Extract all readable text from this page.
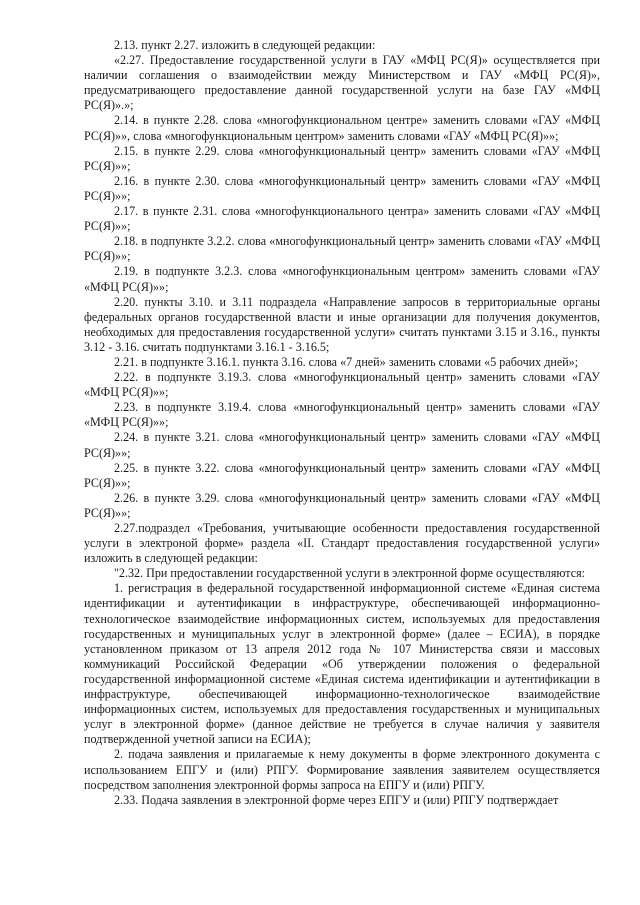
2.13. пункт 2.27. изложить в следующей редакции:

«2.27. Предоставление государственной услуги в ГАУ «МФЦ РС(Я)» осуществляется при наличии соглашения о взаимодействии между Министерством и ГАУ «МФЦ РС(Я)», предусматривающего предоставление данной государственной услуги на базе ГАУ «МФЦ РС(Я)».»;

2.14. в пункте 2.28. слова «многофункциональном центре» заменить словами «ГАУ «МФЦ РС(Я)»», слова «многофункциональным центром» заменить словами «ГАУ «МФЦ РС(Я)»»;

2.15. в пункте 2.29. слова «многофункциональный центр» заменить словами «ГАУ «МФЦ РС(Я)»»;

2.16. в пункте 2.30. слова «многофункциональный центр» заменить словами «ГАУ «МФЦ РС(Я)»»;

2.17. в пункте 2.31. слова «многофункционального центра» заменить словами «ГАУ «МФЦ РС(Я)»»;

2.18. в подпункте 3.2.2. слова «многофункциональный центр» заменить словами «ГАУ «МФЦ РС(Я)»»;

2.19. в подпункте 3.2.3. слова «многофункциональным центром» заменить словами «ГАУ «МФЦ РС(Я)»»;

2.20. пункты 3.10. и 3.11 подраздела «Направление запросов в территориальные органы федеральных органов государственной власти и иные организации для получения документов, необходимых для предоставления государственной услуги» считать пунктами 3.15 и 3.16., пункты 3.12 - 3.16. считать подпунктами 3.16.1 - 3.16.5;

2.21. в подпункте 3.16.1. пункта 3.16. слова «7 дней» заменить словами «5 рабочих дней»;

2.22. в подпункте 3.19.3. слова «многофункциональный центр» заменить словами «ГАУ «МФЦ РС(Я)»»;

2.23. в подпункте 3.19.4. слова «многофункциональный центр» заменить словами «ГАУ «МФЦ РС(Я)»»;

2.24. в пункте 3.21. слова «многофункциональный центр» заменить словами «ГАУ «МФЦ РС(Я)»»;

2.25. в пункте 3.22. слова «многофункциональный центр» заменить словами «ГАУ «МФЦ РС(Я)»»;

2.26. в пункте 3.29. слова «многофункциональный центр» заменить словами «ГАУ «МФЦ РС(Я)»»;

2.27.подраздел «Требования, учитывающие особенности предоставления государственной услуги в электроной форме» раздела «II. Стандарт предоставления государственной услуги» изложить в следующей редакции:

"2.32. При предоставлении государственной услуги в электронной форме осуществляются:

1. регистрация в федеральной государственной информационной системе «Единая система идентификации и аутентификации в инфраструктуре, обеспечивающей информационно-технологическое взаимодействие информационных систем, используемых для предоставления государственных и муниципальных услуг в электронной форме» (далее – ЕСИА), в порядке установленном приказом от 13 апреля 2012 года № 107 Министерства связи и массовых коммуникаций Российской Федерации «Об утверждении положения о федеральной государственной информационной системе «Единая система идентификации и аутентификации в инфраструктуре, обеспечивающей информационно-технологическое взаимодействие информационных систем, используемых для предоставления государственных и муниципальных услуг в электронной форме» (данное действие не требуется в случае наличия у заявителя подтвержденной учетной записи на ЕСИА);

2. подача заявления и прилагаемые к нему документы в форме электронного документа с использованием ЕПГУ и (или) РПГУ. Формирование заявления заявителем осуществляется посредством заполнения электронной формы запроса на ЕПГУ и (или) РПГУ.

2.33. Подача заявления в электронной форме через ЕПГУ и (или) РПГУ подтверждает
